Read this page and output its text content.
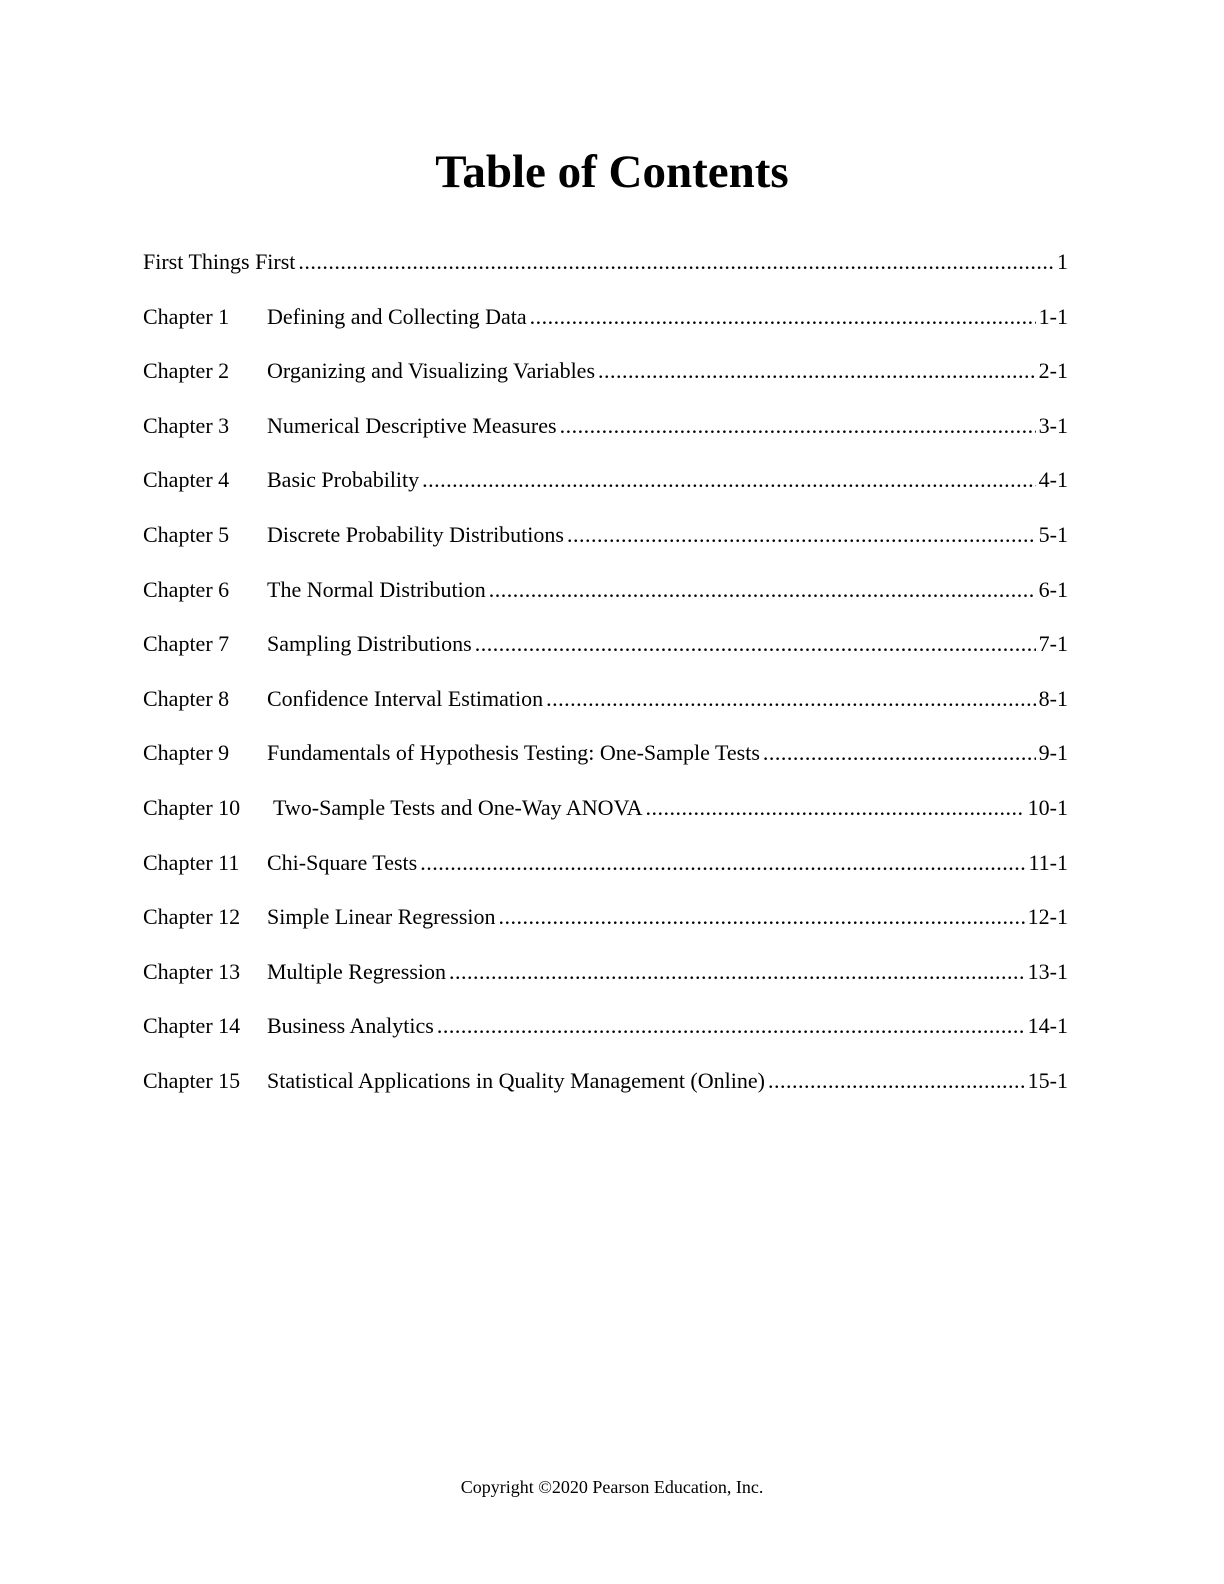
Table of Contents
First Things First .....	1
Chapter 1	Defining and Collecting Data .....	1-1
Chapter 2	Organizing and Visualizing Variables .....	2-1
Chapter 3	Numerical Descriptive Measures .....	3-1
Chapter 4	Basic Probability .....	4-1
Chapter 5	Discrete Probability Distributions .....	5-1
Chapter 6	The Normal Distribution .....	6-1
Chapter 7	Sampling Distributions .....	7-1
Chapter 8	Confidence Interval Estimation .....	8-1
Chapter 9	Fundamentals of Hypothesis Testing: One-Sample Tests .....	9-1
Chapter 10	Two-Sample Tests and One-Way ANOVA .....	10-1
Chapter 11	Chi-Square Tests .....	11-1
Chapter 12	Simple Linear Regression .....	12-1
Chapter 13	Multiple Regression .....	13-1
Chapter 14	Business Analytics .....	14-1
Chapter 15	Statistical Applications in Quality Management (Online) .....	15-1

Copyright ©2020 Pearson Education, Inc.
